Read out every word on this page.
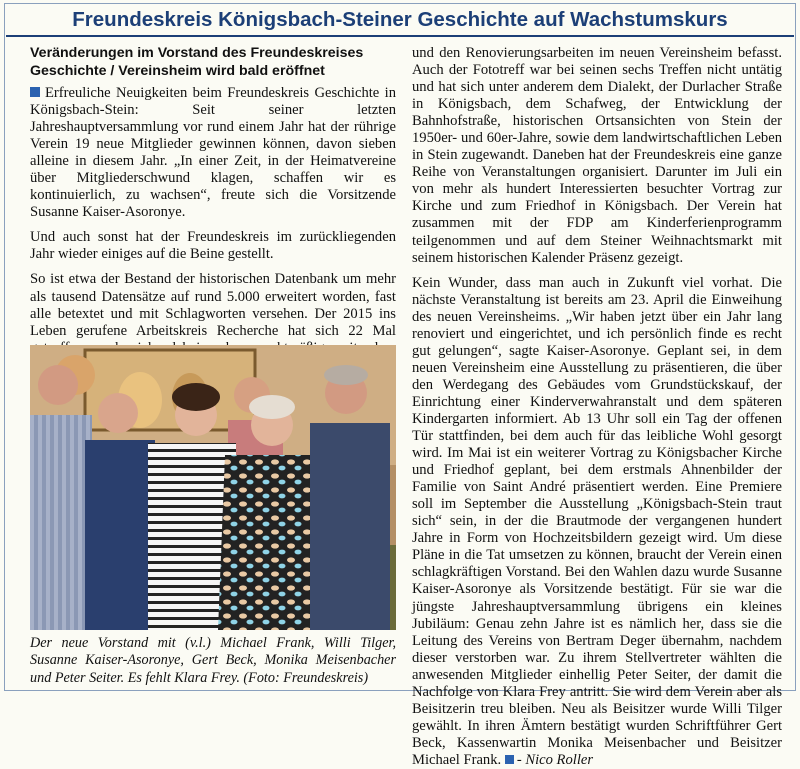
Freundeskreis Königsbach-Steiner Geschichte auf Wachstumskurs

Veränderungen im Vorstand des Freundeskreises
Geschichte / Vereinsheim wird bald eröffnet

Erfreuliche Neuigkeiten beim Freundeskreis Geschichte in Königsbach-Stein: Seit seiner letzten Jahreshauptversammlung vor rund einem Jahr hat der rührige Verein 19 neue Mitglieder gewinnen können, davon sieben alleine in diesem Jahr. „In einer Zeit, in der Heimatvereine über Mitgliederschwund klagen, schaffen wir es kontinuierlich, zu wachsen“, freute sich die Vorsitzende Susanne Kaiser-Asoronye.

Und auch sonst hat der Freundeskreis im zurückliegenden Jahr wieder einiges auf die Beine gestellt.

So ist etwa der Bestand der historischen Datenbank um mehr als tausend Datensätze auf rund 5.000 erweitert worden, fast alle betextet und mit Schlagworten versehen. Der 2015 ins Leben gerufene Arbeitskreis Recherche hat sich 22 Mal

Der neue Vorstand mit (v.l.) Michael Frank, Willi Tilger, Susanne Kaiser-Asoronye, Gert Beck, Monika Meisenbacher und Peter Seiter. Es fehlt Klara Frey. (Foto: Freundeskreis)

und den Renovierungsarbeiten im neuen Vereinsheim befasst. Auch der Fototreff war bei seinen sechs Treffen nicht untätig und hat sich unter anderem dem Dialekt, der Durlacher Straße in Königsbach, dem Schafweg, der Entwicklung der Bahnhofstraße, historischen Ortsansichten von Stein der 1950er- und 60er-Jahre, sowie dem landwirtschaftlichen Leben in Stein zugewandt. Daneben hat der Freundeskreis eine ganze Reihe von Veranstaltungen organisiert. Darunter im Juli ein von mehr als hundert Interessierten besuchter Vortrag zur Kirche und zum Friedhof in Königsbach. Der Verein hat zusammen mit der FDP am Kinderferienprogramm teilgenommen und auf dem Steiner Weihnachtsmarkt mit seinem historischen Kalender Präsenz gezeigt.

Kein Wunder, dass man auch in Zukunft viel vorhat. Die nächste Veranstaltung ist bereits am 23. April die Einweihung des neuen Vereinsheims. „Wir haben jetzt über ein Jahr lang renoviert und eingerichtet, und ich persönlich finde es recht gut gelungen“, sagte Kaiser-Asoronye. Geplant sei, in dem neuen Vereinsheim eine Ausstellung zu präsentieren, die über den Werdegang des Gebäudes vom Grundstückskauf, der Einrichtung einer Kinderverwahranstalt und dem späteren Kindergarten informiert. Ab 13 Uhr soll ein Tag der offenen Tür stattfinden, bei dem auch für das leibliche Wohl gesorgt wird. Im Mai ist ein weiterer Vortrag zu Königsbacher Kirche und Friedhof geplant, bei dem erstmals Ahnenbilder der Familie von Saint André präsentiert werden. Eine Premiere soll im September die Ausstellung „Königsbach-Stein traut sich“ sein, in der die Brautmode der vergangenen hundert Jahre in Form von Hochzeitsbildern gezeigt wird. Um diese Pläne in die Tat umsetzen zu können, braucht der Verein einen schlagkräftigen Vorstand. Bei den Wahlen dazu wurde Susanne Kaiser-Asoronye als Vorsitzende bestätigt. Für sie war die jüngste Jahreshauptversammlung übrigens ein kleines Jubiläum: Genau zehn Jahre ist es nämlich her, dass sie die Leitung des Vereins von Bertram Deger übernahm, nachdem dieser verstorben war. Zu ihrem Stellvertreter wählten die anwesenden Mitglieder einhellig Peter Seiter, der damit die Nachfolge von Klara Frey antritt. Sie wird dem Verein aber als Beisitzerin treu bleiben. Neu als Beisitzer wurde Willi Tilger gewählt. In ihren Ämtern bestätigt wurden Schriftführer Gert Beck, Kassenwartin Monika Meisenbacher und Beisitzer Michael Frank. - Nico Roller
